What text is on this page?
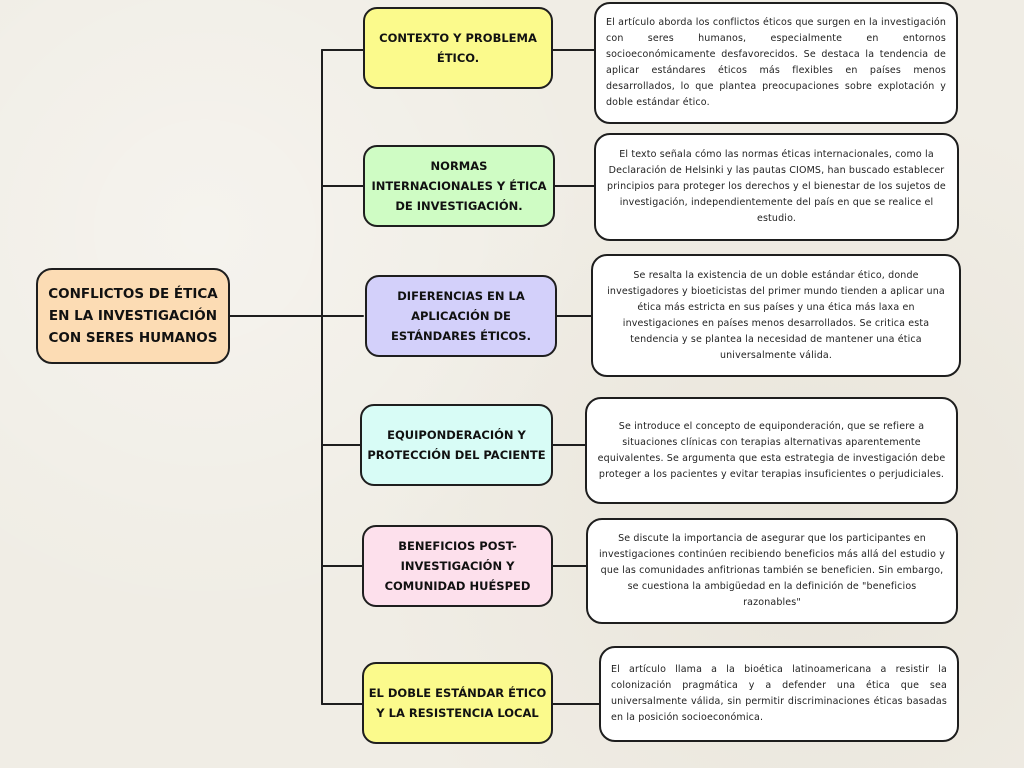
CONFLICTOS DE ÉTICA EN LA INVESTIGACIÓN CON SERES HUMANOS
CONTEXTO Y PROBLEMA ÉTICO.
El artículo aborda los conflictos éticos que surgen en la investigación con seres humanos, especialmente en entornos socioeconómicamente desfavorecidos. Se destaca la tendencia de aplicar estándares éticos más flexibles en países menos desarrollados, lo que plantea preocupaciones sobre explotación y doble estándar ético.
NORMAS INTERNACIONALES Y ÉTICA DE INVESTIGACIÓN.
El texto señala cómo las normas éticas internacionales, como la Declaración de Helsinki y las pautas CIOMS, han buscado establecer principios para proteger los derechos y el bienestar de los sujetos de investigación, independientemente del país en que se realice el estudio.
DIFERENCIAS EN LA APLICACIÓN DE ESTÁNDARES ÉTICOS.
Se resalta la existencia de un doble estándar ético, donde investigadores y bioeticistas del primer mundo tienden a aplicar una ética más estricta en sus países y una ética más laxa en investigaciones en países menos desarrollados. Se critica esta tendencia y se plantea la necesidad de mantener una ética universalmente válida.
EQUIPONDERACIÓN Y PROTECCIÓN DEL PACIENTE
Se introduce el concepto de equiponderación, que se refiere a situaciones clínicas con terapias alternativas aparentemente equivalentes. Se argumenta que esta estrategia de investigación debe proteger a los pacientes y evitar terapias insuficientes o perjudiciales.
BENEFICIOS POST-INVESTIGACIÓN Y COMUNIDAD HUÉSPED
Se discute la importancia de asegurar que los participantes en investigaciones continúen recibiendo beneficios más allá del estudio y que las comunidades anfitrionas también se beneficien. Sin embargo, se cuestiona la ambigüedad en la definición de "beneficios razonables"
EL DOBLE ESTÁNDAR ÉTICO Y LA RESISTENCIA LOCAL
El artículo llama a la bioética latinoamericana a resistir la colonización pragmática y a defender una ética que sea universalmente válida, sin permitir discriminaciones éticas basadas en la posición socioeconómica.
